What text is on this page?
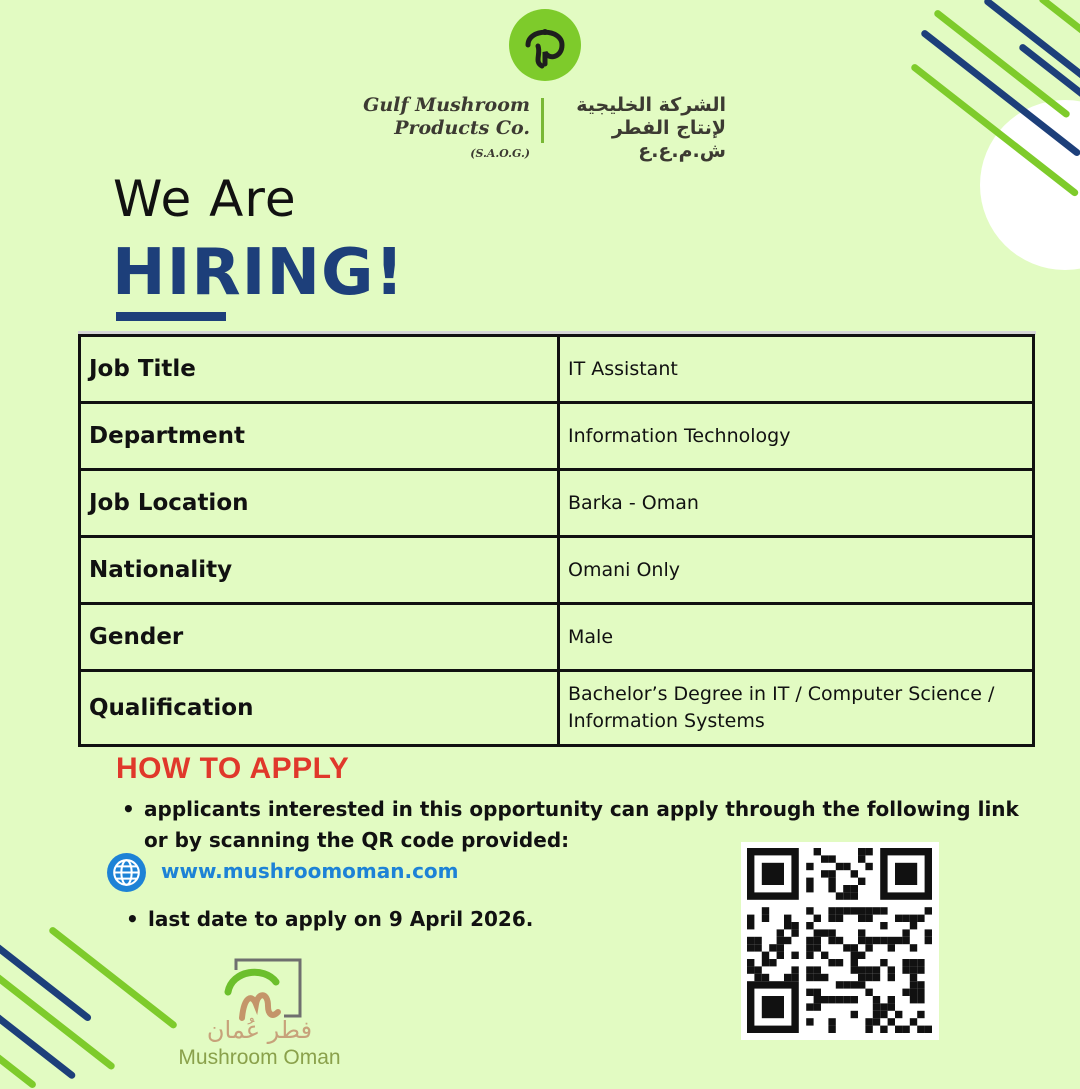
Gulf Mushroom
Products Co. (S.A.O.G.)
الشركة الخليجية
لإنتاج الفطر ش.م.ع.ع
We Are
HIRING!
Job Title	IT Assistant
Department	Information Technology
Job Location	Barka - Oman
Nationality	Omani Only
Gender	Male
Qualification	Bachelor’s Degree in IT / Computer Science /
Information Systems
HOW TO APPLY
• applicants interested in this opportunity can apply through the following link
or by scanning the QR code provided:
www.mushroomoman.com
• last date to apply on 9 April 2026.
فطر عُمان
Mushroom Oman
